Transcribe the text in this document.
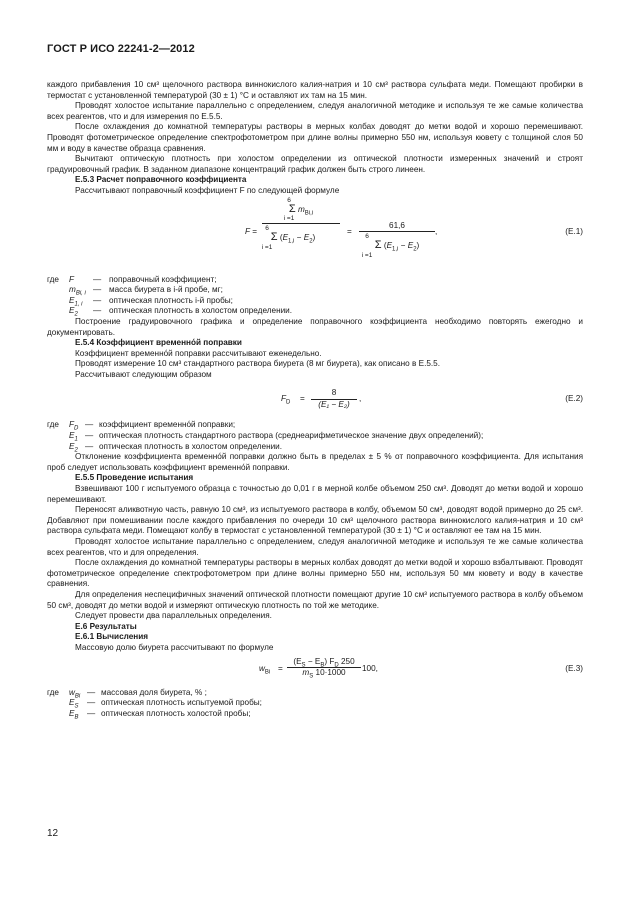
ГОСТ Р ИСО 22241-2—2012

каждого прибавления 10 см³ щелочного раствора виннокислого калия-натрия и 10 см³ раствора сульфата меди. Помещают пробирки в термостат с установленной температурой (30 ± 1) °С и оставляют их там на 15 мин.

Проводят холостое испытание параллельно с определением, следуя аналогичной методике и используя те же самые количества всех реагентов, что и для измерения по Е.5.5.

После охлаждения до комнатной температуры растворы в мерных колбах доводят до метки водой и хорошо перемешивают. Проводят фотометрическое определение спектрофотометром при длине волны примерно 550 нм, используя кювету с толщиной слоя 50 мм и воду в качестве образца сравнения.

Вычитают оптическую плотность при холостом определении из оптической плотности измеренных значений и строят градуировочный график. В заданном диапазоне концентраций график должен быть строго линеен.

Е.5.3 Расчет поправочного коэффициента

Рассчитывают поправочный коэффициент F по следующей формуле

F =
6
Σ $m_{Bi,i}$
i =1
6
Σ $(E_{1,i} - E_2)$
i =1
=
61,6
6
Σ $(E_{1,i} - E_2)$
i =1
,	(Е.1)
где F — поправочный коэффициент;
$m_{Bi, i}$ — масса биурета в i-й пробе, мг;
$E_{1, i}$ — оптическая плотность i-й пробы;
$E_2$ — оптическая плотность в холостом определении.

Построение градуировочного графика и определение поправочного коэффициента необходимо повторять ежегодно и документировать.

Е.5.4 Коэффициент временно́й поправки

Коэффициент временно́й поправки рассчитывают еженедельно.

Проводят измерение 10 см³ стандартного раствора биурета (8 мг биурета), как описано в Е.5.5.

Рассчитывают следующим образом

$F_D$ =
8
(E₁ − E₂)
,	(Е.2)
где $F_D$ — коэффициент временно́й поправки;
$E_1$ — оптическая плотность стандартного раствора (среднеарифметическое значение двух определений);
$E_2$ — оптическая плотность в холостом определении.

Отклонение коэффициента временно́й поправки должно быть в пределах ± 5 % от поправочного коэффициента. Для испытания проб следует использовать коэффициент временно́й поправки.

Е.5.5 Проведение испытания

Взвешивают 100 г испытуемого образца с точностью до 0,01 г в мерной колбе объемом 250 см³. Доводят до метки водой и хорошо перемешивают.

Переносят аликвотную часть, равную 10 см³, из испытуемого раствора в колбу, объемом 50 см³, доводят водой примерно до 25 см³. Добавляют при помешивании после каждого прибавления по очереди 10 см³ щелочного раствора виннокислого калия-натрия и 10 см³ раствора сульфата меди. Помещают колбу в термостат с установленной температурой (30 ± 1) °С и оставляют ее там на 15 мин.

Проводят холостое испытание параллельно с определением, следуя аналогичной методике и используя те же самые количества всех реагентов, что и для определения.

После охлаждения до комнатной температуры растворы в мерных колбах доводят до метки водой и хорошо взбалтывают. Проводят фотометрическое определение спектрофотометром при длине волны примерно 550 нм, используя 50 мм кювету и воду в качестве сравнения.

Для определения неспецифичных значений оптической плотности помещают другие 10 см³ испытуемого раствора в колбу объемом 50 см³, доводят до метки водой и измеряют оптическую плотность по той же методике.

Следует провести два параллельных определения.

Е.6 Результаты

Е.6.1 Вычисления

Массовую долю биурета рассчитывают по формуле

$w_{Bi}$ =
$(E_S - E_B)$ $F_D$ 250
$m_S$ 10·1000
100,	(Е.3)
где $w_{Bi}$ — массовая доля биурета, % ;
$E_S$ — оптическая плотность испытуемой пробы;
$E_B$ — оптическая плотность холостой пробы;
12
